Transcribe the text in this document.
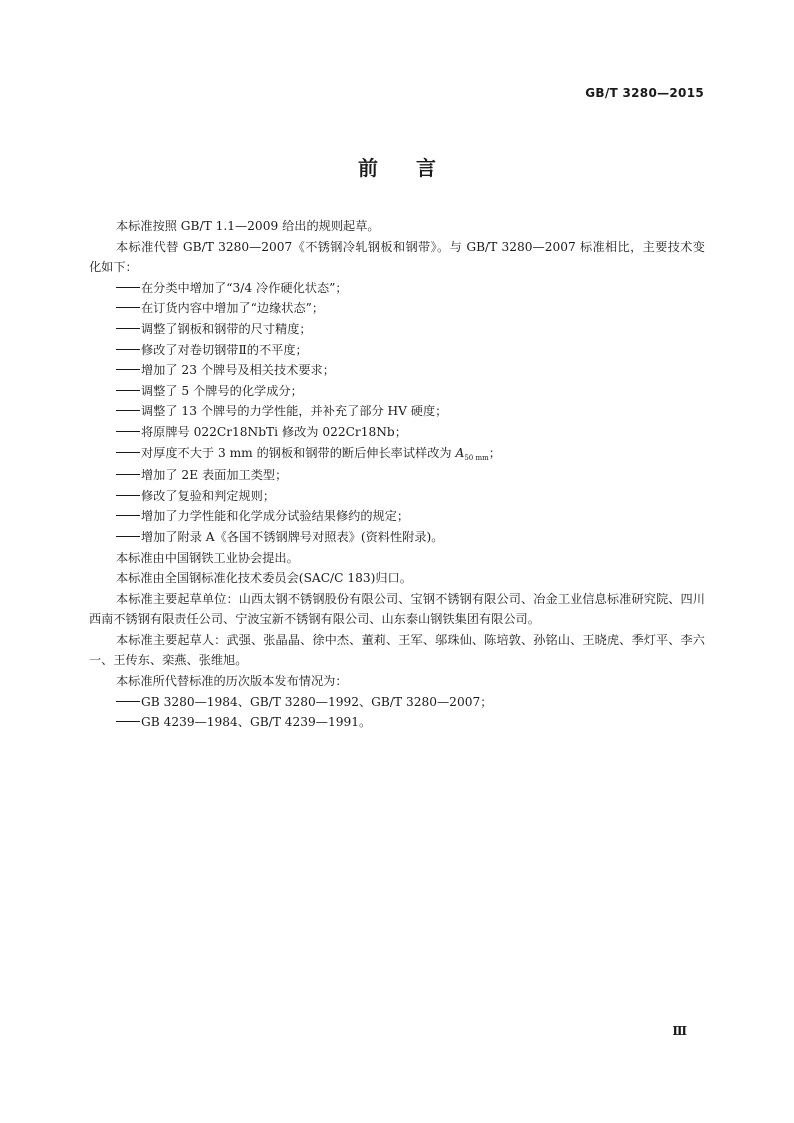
GB/T 3280—2015
前言

本标准按照 GB/T 1.1—2009 给出的规则起草。

本标准代替 GB/T 3280—2007《不锈钢冷轧钢板和钢带》。与 GB/T 3280—2007 标准相比，主要技术变化如下：

在分类中增加了“3/4 冷作硬化状态”；

在订货内容中增加了“边缘状态”；

调整了钢板和钢带的尺寸精度；

修改了对卷切钢带Ⅱ的不平度；

增加了 23 个牌号及相关技术要求；

调整了 5 个牌号的化学成分；

调整了 13 个牌号的力学性能，并补充了部分 HV 硬度；

将原牌号 022Cr18NbTi 修改为 022Cr18Nb；

对厚度不大于 3 mm 的钢板和钢带的断后伸长率试样改为 $A_{50 mm}$；

增加了 2E 表面加工类型；

修改了复验和判定规则；

增加了力学性能和化学成分试验结果修约的规定；

增加了附录 A《各国不锈钢牌号对照表》(资料性附录)。

本标准由中国钢铁工业协会提出。

本标准由全国钢标准化技术委员会(SAC/C 183)归口。

本标准主要起草单位：山西太钢不锈钢股份有限公司、宝钢不锈钢有限公司、冶金工业信息标准研究院、四川西南不锈钢有限责任公司、宁波宝新不锈钢有限公司、山东泰山钢铁集团有限公司。

本标准主要起草人：武强、张晶晶、徐中杰、董莉、王军、邬珠仙、陈培敦、孙铭山、王晓虎、季灯平、李六一、王传东、栾燕、张维旭。

本标准所代替标准的历次版本发布情况为：

GB 3280—1984、GB/T 3280—1992、GB/T 3280—2007；

GB 4239—1984、GB/T 4239—1991。

Ⅲ
